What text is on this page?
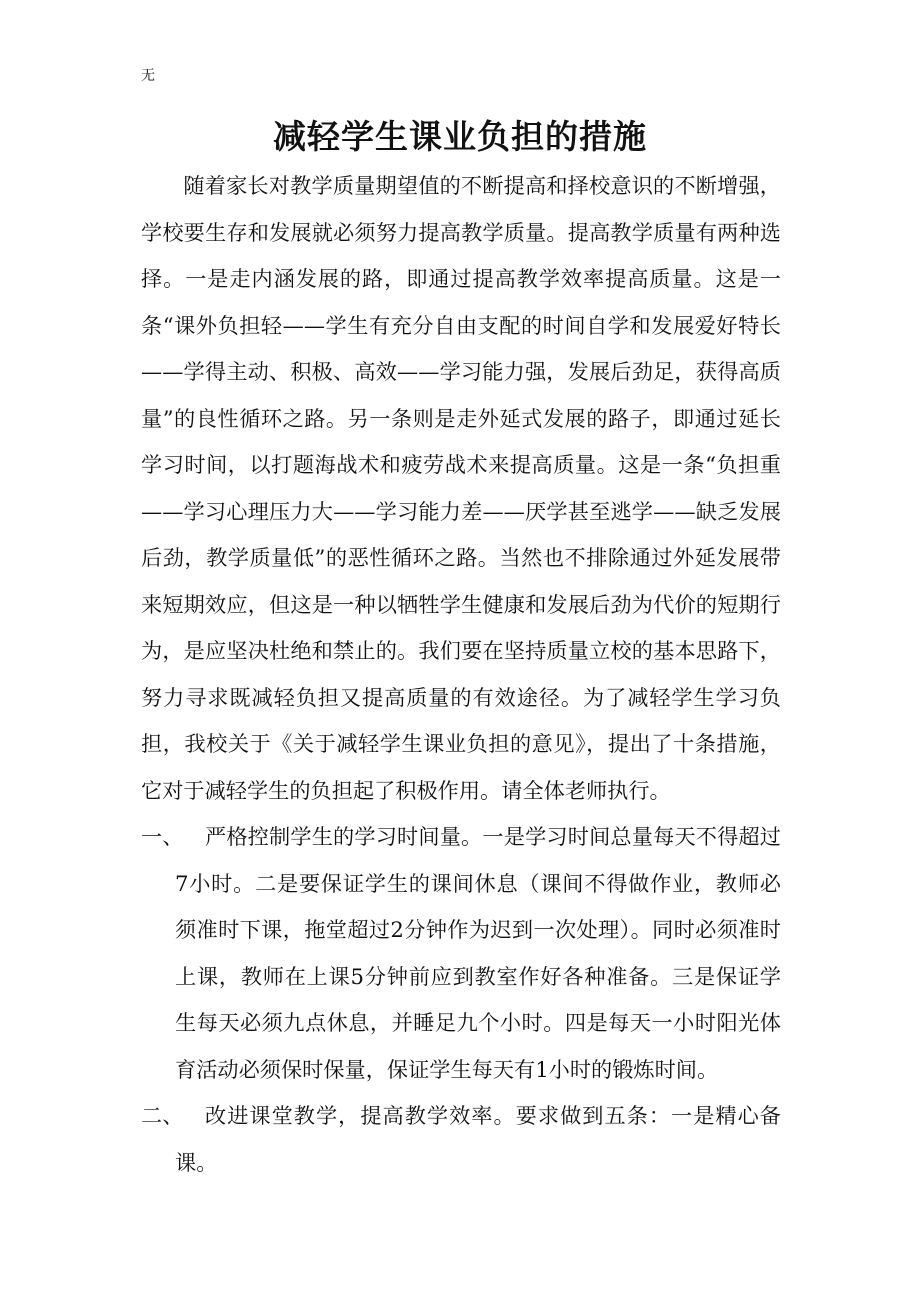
无
减轻学生课业负担的措施

随着家长对教学质量期望值的不断提高和择校意识的不断增强，学校要生存和发展就必须努力提高教学质量。提高教学质量有两种选择。一是走内涵发展的路，即通过提高教学效率提高质量。这是一条“课外负担轻——学生有充分自由支配的时间自学和发展爱好特长——学得主动、积极、高效——学习能力强，发展后劲足，获得高质量”的良性循环之路。另一条则是走外延式发展的路子，即通过延长学习时间，以打题海战术和疲劳战术来提高质量。这是一条“负担重——学习心理压力大——学习能力差——厌学甚至逃学——缺乏发展后劲，教学质量低”的恶性循环之路。当然也不排除通过外延发展带来短期效应，但这是一种以牺牲学生健康和发展后劲为代价的短期行为，是应坚决杜绝和禁止的。我们要在坚持质量立校的基本思路下，努力寻求既减轻负担又提高质量的有效途径。为了减轻学生学习负担，我校关于《关于减轻学生课业负担的意见》，提出了十条措施，它对于减轻学生的负担起了积极作用。请全体老师执行。

一、	严格控制学生的学习时间量。一是学习时间总量每天不得超过7小时。二是要保证学生的课间休息（课间不得做作业，教师必须准时下课，拖堂超过2分钟作为迟到一次处理）。同时必须准时上课，教师在上课5分钟前应到教室作好各种准备。三是保证学生每天必须九点休息，并睡足九个小时。四是每天一小时阳光体育活动必须保时保量，保证学生每天有1小时的锻炼时间。
二、	改进课堂教学，提高教学效率。要求做到五条：一是精心备课。
